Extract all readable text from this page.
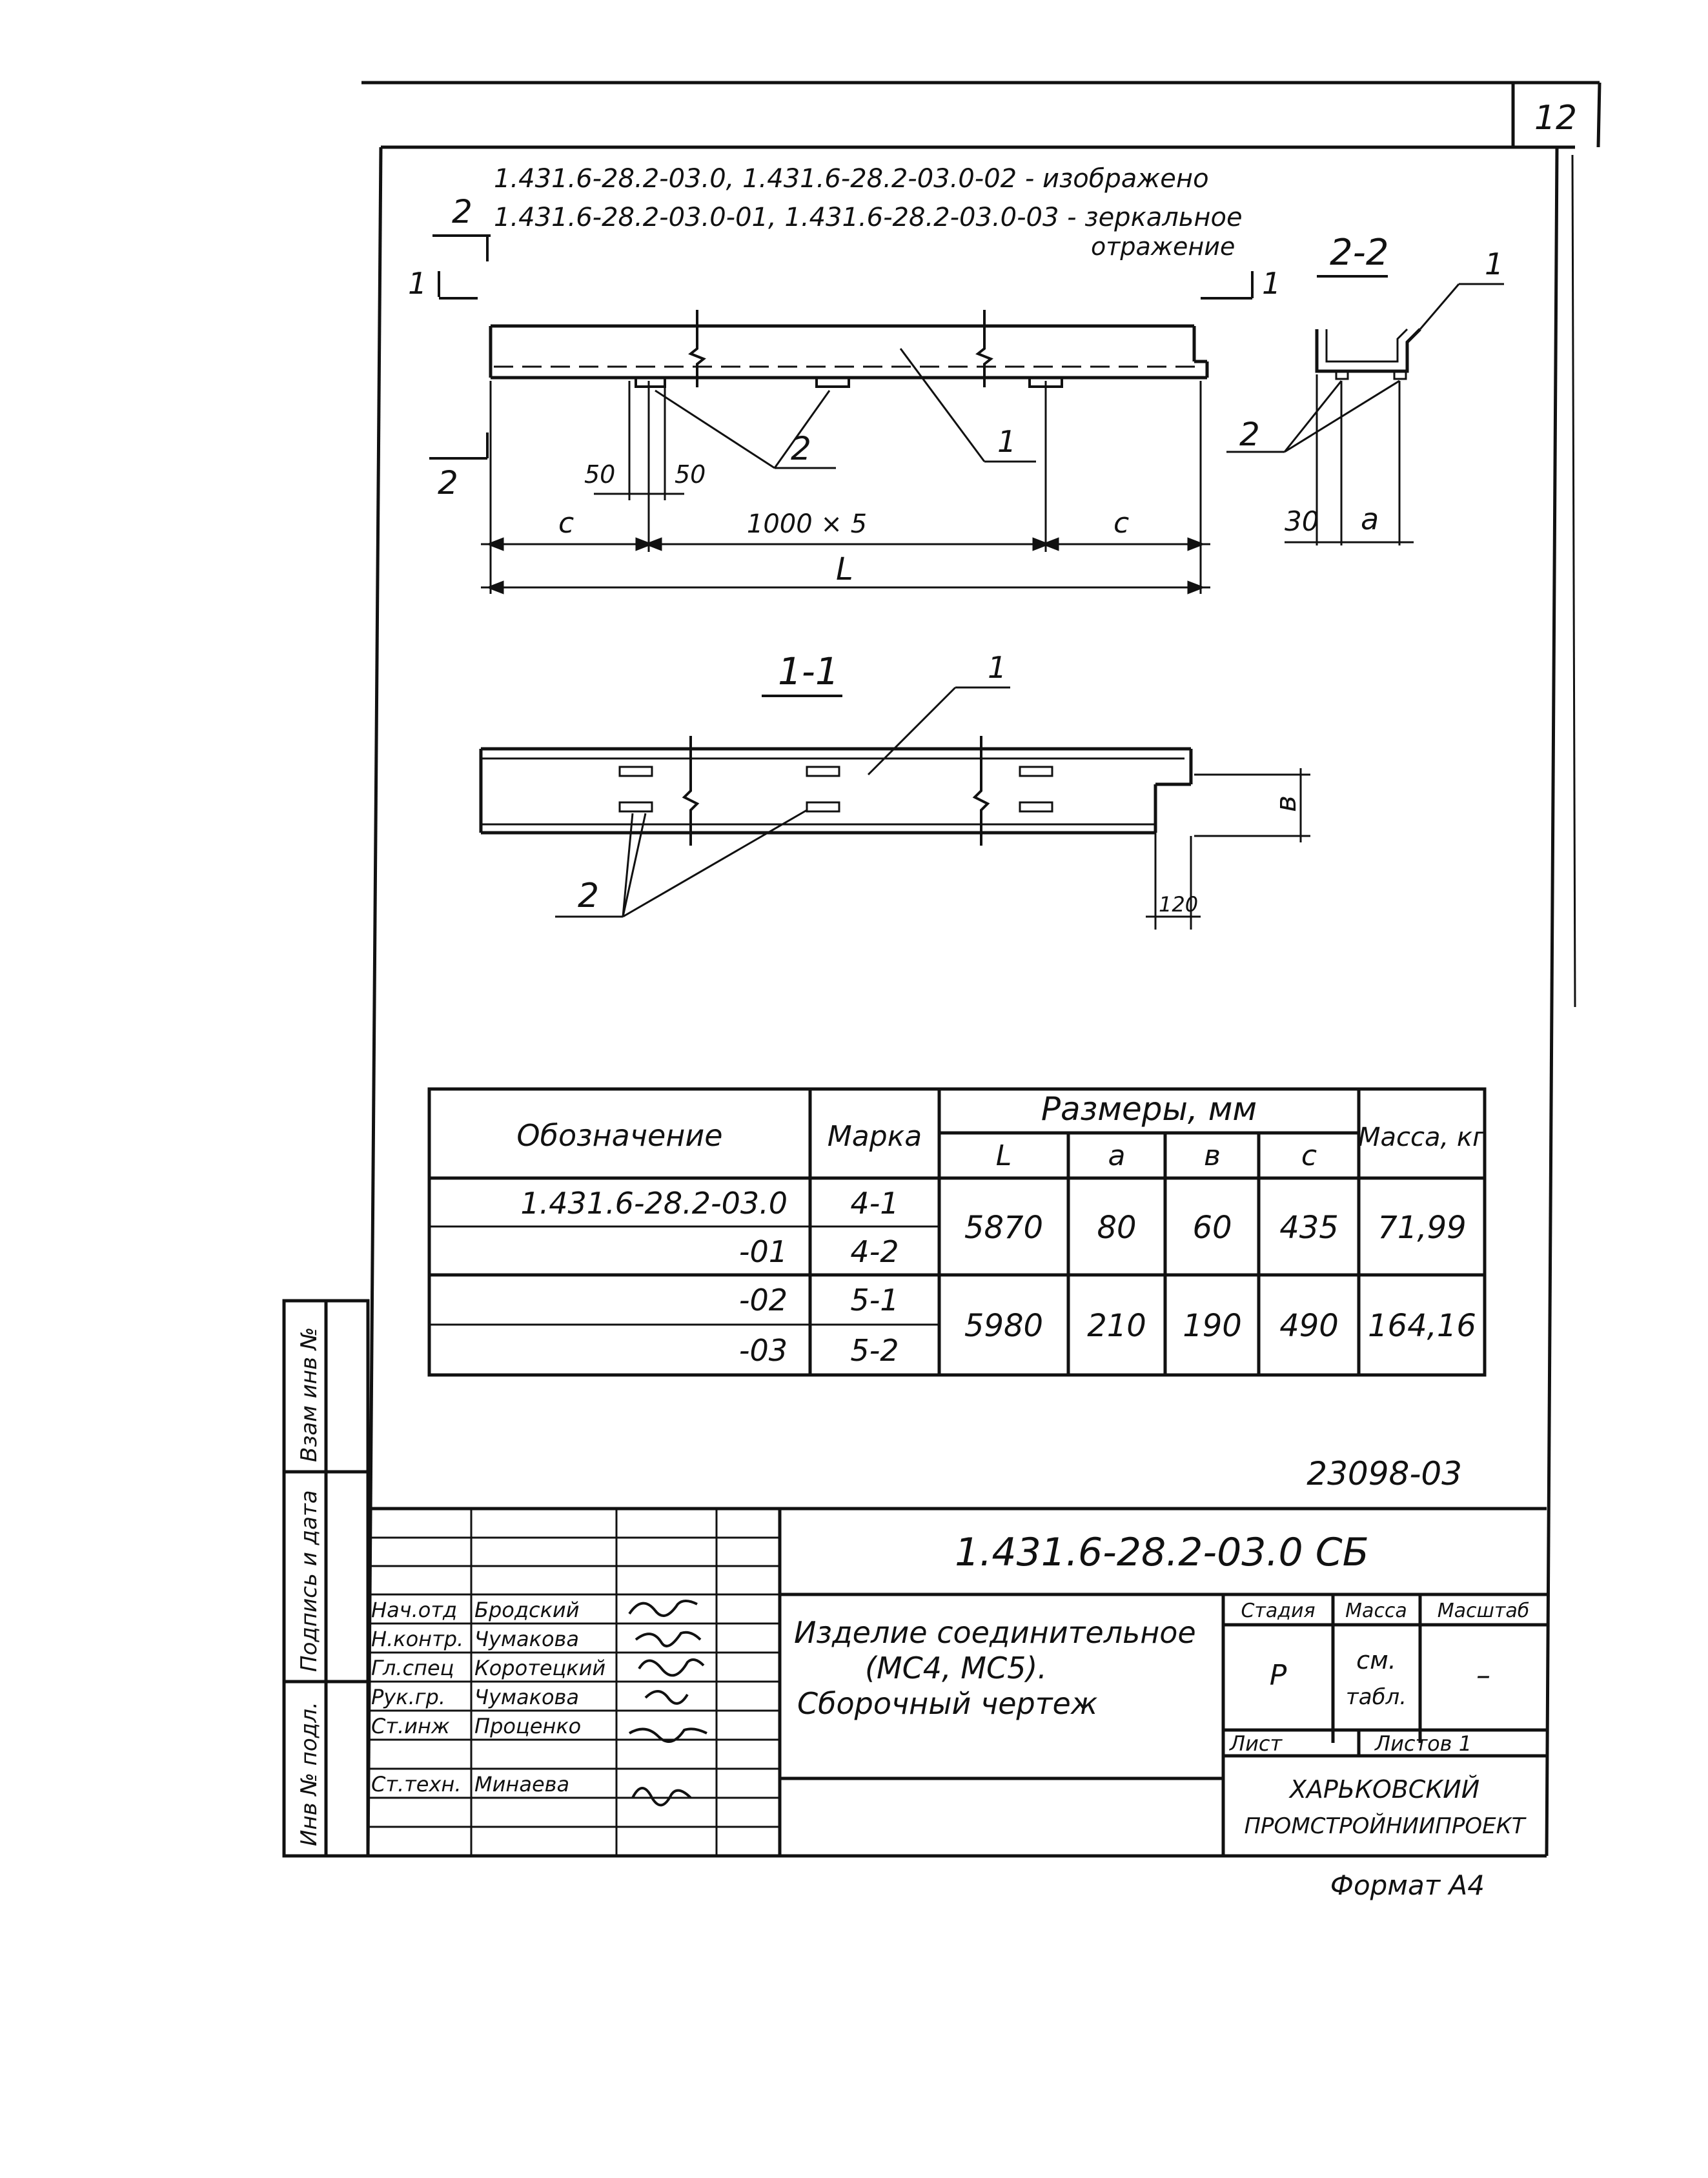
12
1.431.6-28.2-03.0, 1.431.6-28.2-03.0-02 - изображено
1.431.6-28.2-03.0-01, 1.431.6-28.2-03.0-03 - зеркальное
отражение
2
1	1
2
2	1
50 50
c	1000 × 5	c
L
2-2
2
1
30 a
1-1	1
2
в
120
Обозначение	Марка
Размеры, мм
L	a	в	c
Масса, кг
1.431.6-28.2-03.0 4-1
-01 4-2
-02 5-1
-03 5-2
5870 80 60 435 71,99
5980 210 190 490 164,16
23098-03
Инв № подл.
Подпись и дата
Взам инв №
Нач.отд Бродский
Н.контр. Чумакова
Гл.спец Коротецкий
Рук.гр. Чумакова
Ст.инж Проценко
Ст.техн. Минаева
1.431.6-28.2-03.0 СБ
Изделие соединительное
(МС4, МС5).
Сборочный чертеж
Стадия Масса Масштаб
Р	см.
табл.
–
Лист	Листов 1
ХАРЬКОВСКИЙ
ПРОМСТРОЙНИИПРОЕКТ
Формат А4
